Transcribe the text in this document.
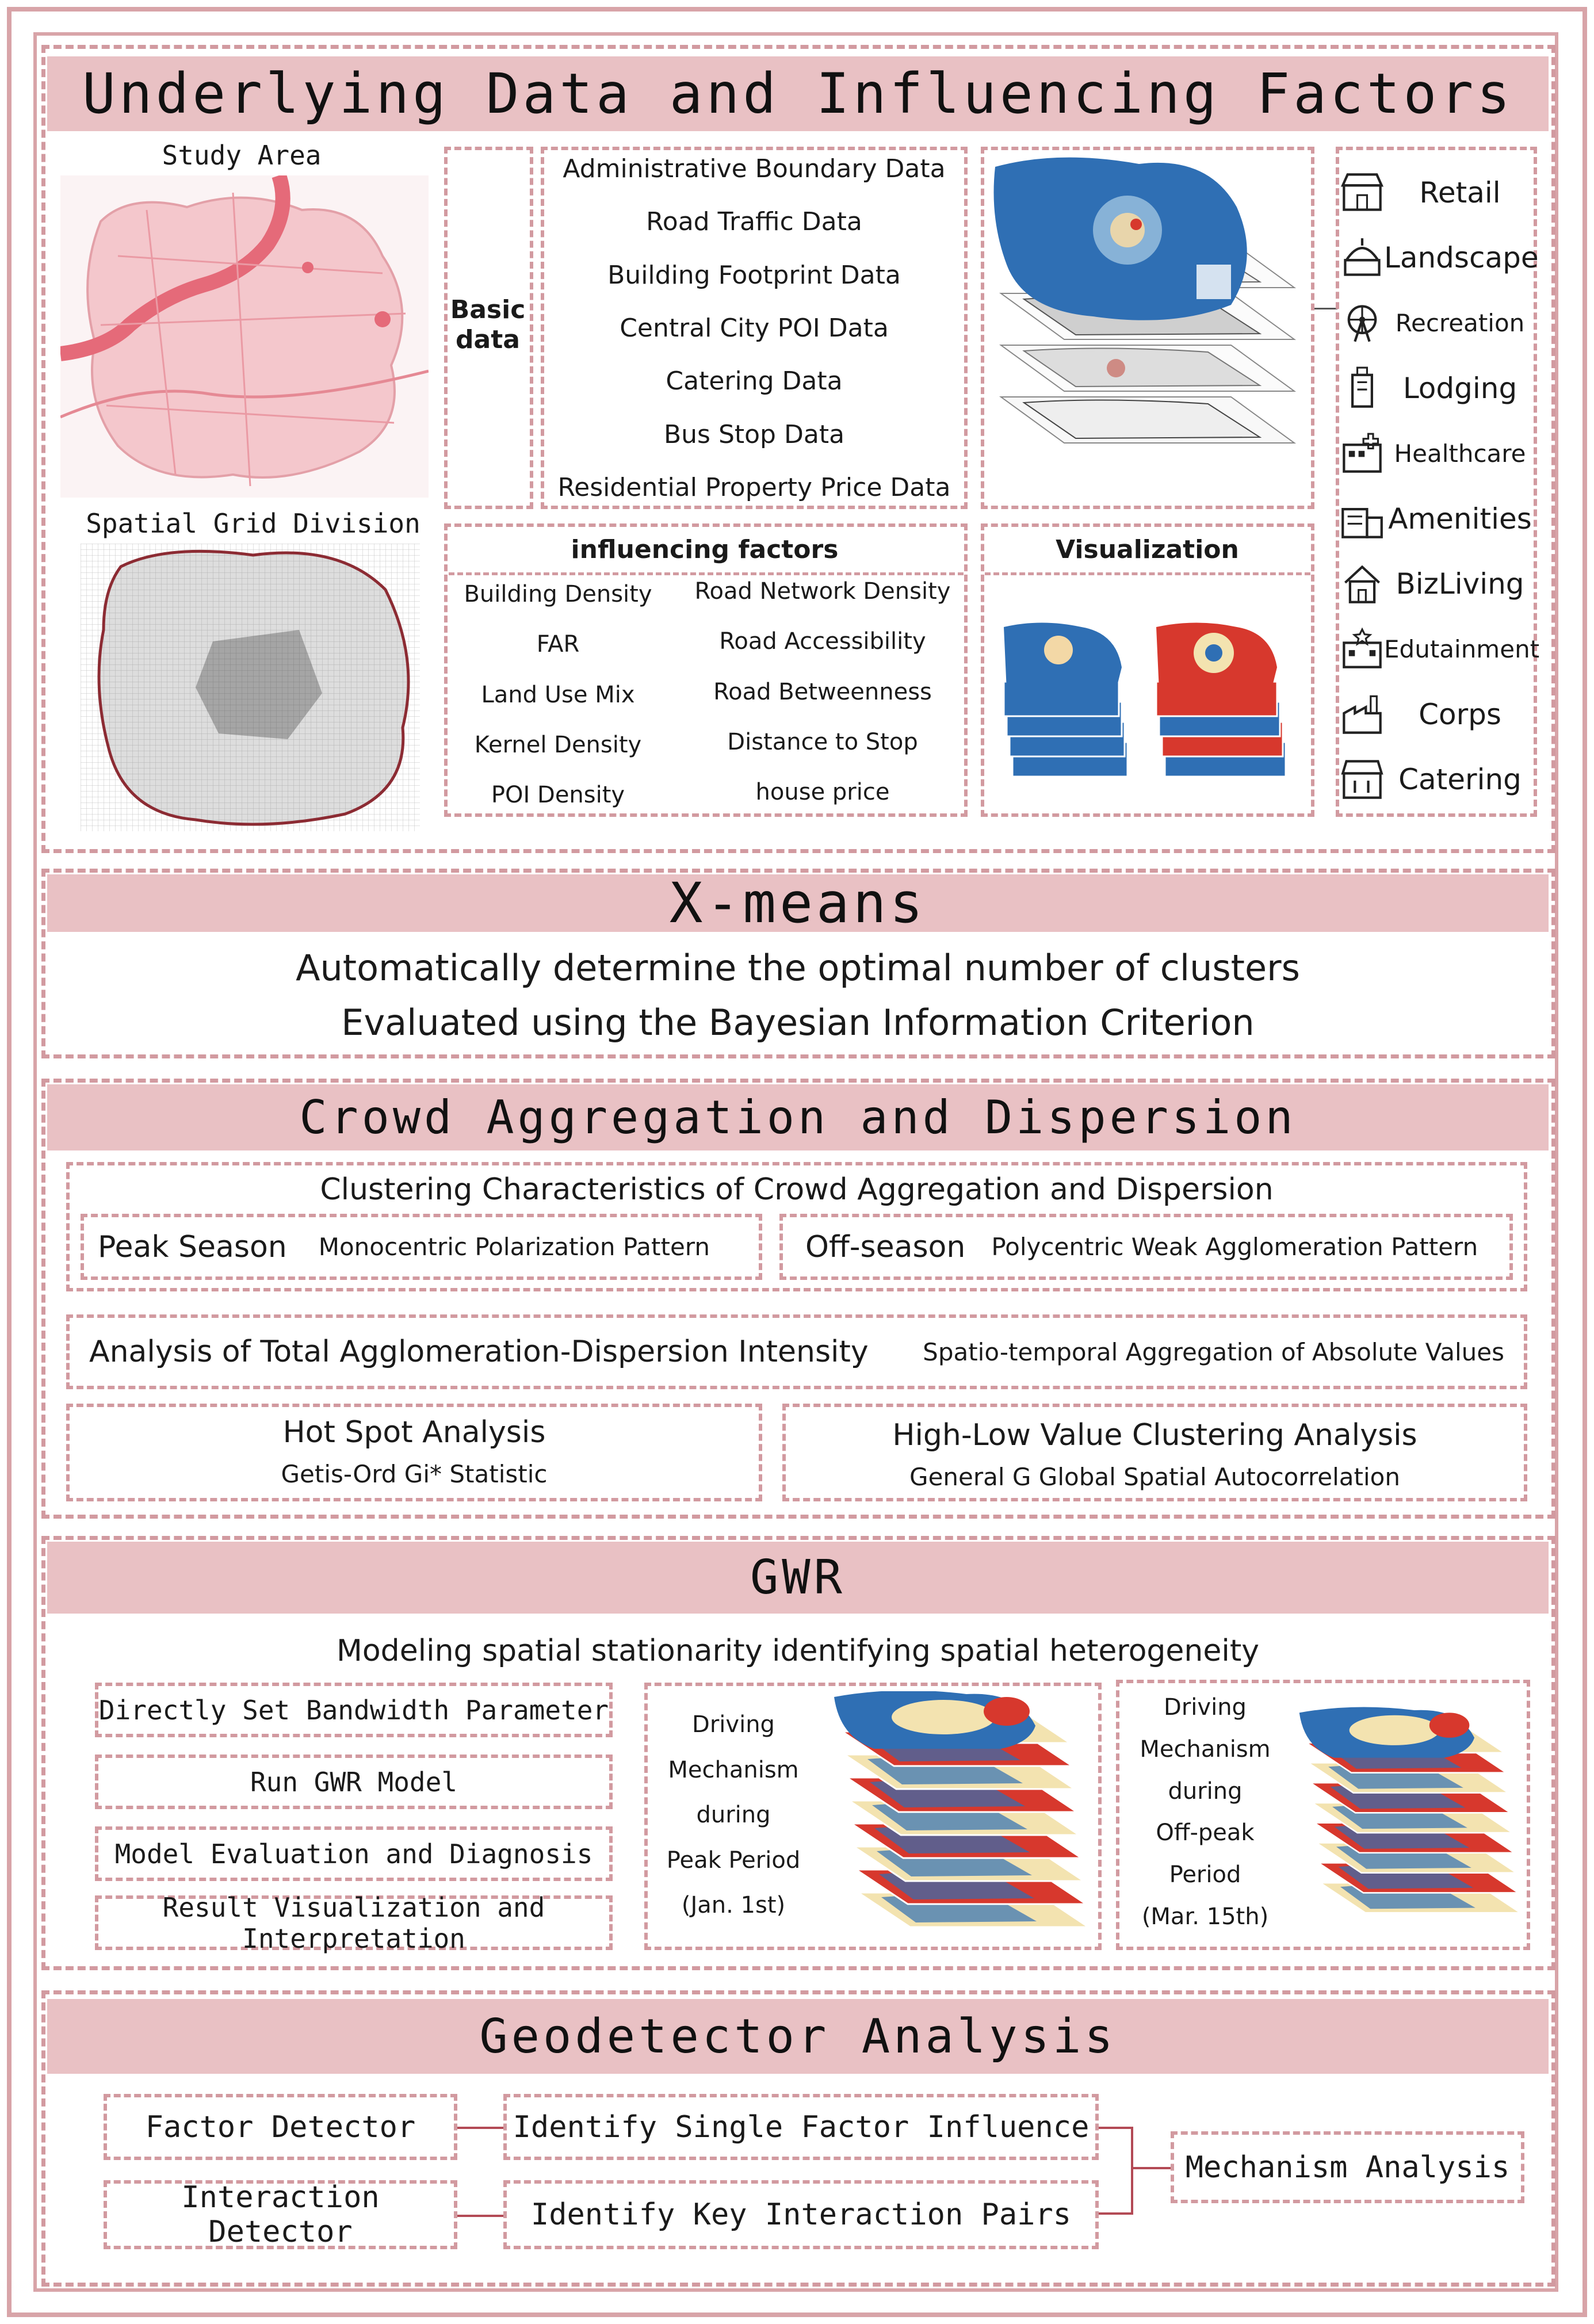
Underlying Data and Influencing Factors
Study Area
Spatial Grid Division
Basic data
Administrative Boundary Data
Road Traffic Data
Building Footprint Data
Central City POI Data
Catering Data
Bus Stop Data
Residential Property Price Data
influencing factors
Building Density
FAR
Land Use Mix
Kernel Density
POI Density
Road Network Density
Road Accessibility
Road Betweenness
Distance to Stop
house price
Visualization
Retail
Landscape
Recreation
Lodging
Healthcare
Amenities
BizLiving
Edutainment
Corps
Catering
X-means
Automatically determine the optimal number of clusters
Evaluated using the Bayesian Information Criterion
Crowd Aggregation and Dispersion
Clustering Characteristics of Crowd Aggregation and Dispersion
Peak Season Monocentric Polarization Pattern	Off-season Polycentric Weak Agglomeration Pattern
Analysis of Total Agglomeration-Dispersion Intensity Spatio-temporal Aggregation of Absolute Values
Hot Spot Analysis
Getis-Ord Gi* Statistic
High-Low Value Clustering Analysis
General G Global Spatial Autocorrelation
GWR
Modeling spatial stationarity identifying spatial heterogeneity
Directly Set Bandwidth Parameter
Run GWR Model
Model Evaluation and Diagnosis
Result Visualization and Interpretation
Driving
Mechanism
during
Peak Period
(Jan. 1st)
Driving
Mechanism
during
Off-peak
Period
(Mar. 15th)
Geodetector Analysis
Factor Detector
Interaction Detector
Identify Single Factor Influence
Identify Key Interaction Pairs
Mechanism Analysis
